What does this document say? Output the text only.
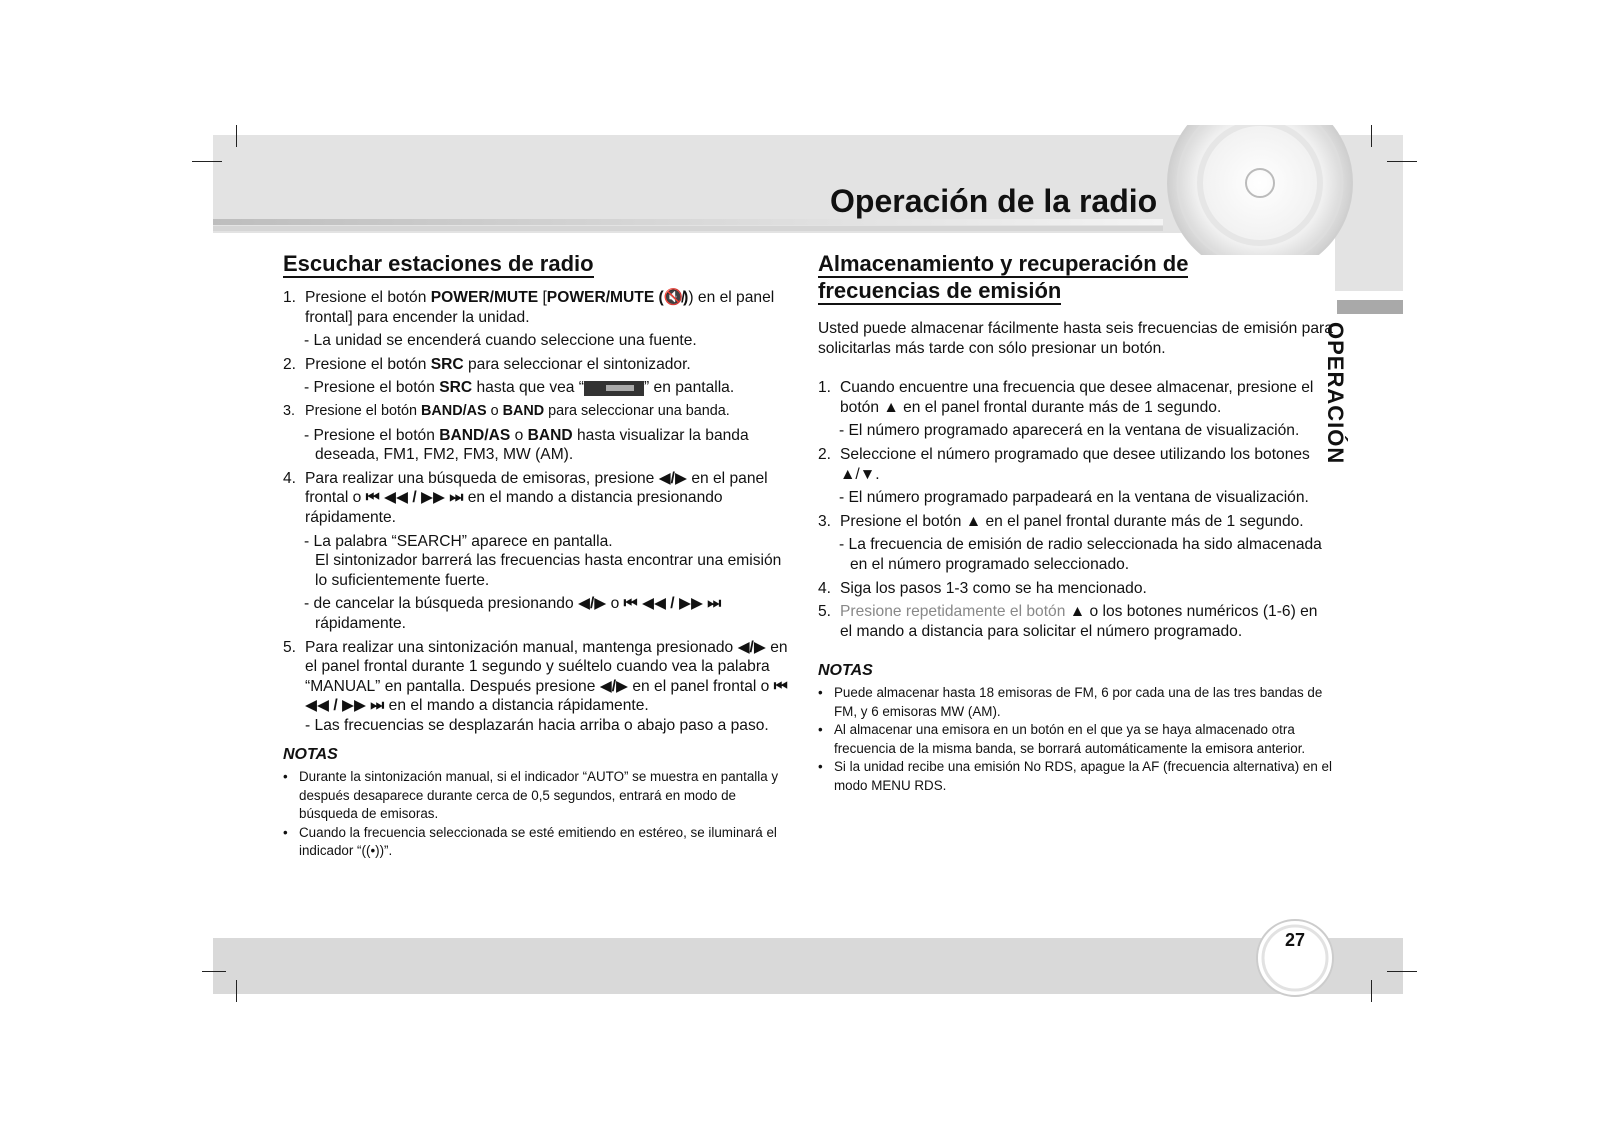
27
Operación de la radio
OPERACIÓN
Escuchar estaciones de radio
1. Presione el botón POWER/MUTE [POWER/MUTE (🔇̸)) en el panel frontal] para encender la unidad.
- La unidad se encenderá cuando seleccione una fuente.
2. Presione el botón SRC para seleccionar el sintonizador.
- Presione el botón SRC hasta que vea “	” en pantalla.
3. Presione el botón BAND/AS o BAND para seleccionar una banda.
- Presione el botón BAND/AS o BAND hasta visualizar la banda deseada, FM1, FM2, FM3, MW (AM).
4. Para realizar una búsqueda de emisoras, presione ◀/▶ en el panel frontal o ⏮ ◀◀ / ▶▶ ⏭ en el mando a distancia presionando rápidamente.
- La palabra “SEARCH” aparece en pantalla.
El sintonizador barrerá las frecuencias hasta encontrar una emisión lo suficientemente fuerte.
- de cancelar la búsqueda presionando ◀/▶ o ⏮ ◀◀ / ▶▶ ⏭ rápidamente.
5. Para realizar una sintonización manual, mantenga presionado ◀/▶ en el panel frontal durante 1 segundo y suéltelo cuando vea la palabra “MANUAL” en pantalla. Después presione ◀/▶ en el panel frontal o ⏮ ◀◀ / ▶▶ ⏭ en el mando a distancia rápidamente.
- Las frecuencias se desplazarán hacia arriba o abajo paso a paso.
NOTAS
• Durante la sintonización manual, si el indicador “AUTO” se muestra en pantalla y después desaparece durante cerca de 0,5 segundos, entrará en modo de búsqueda de emisoras.
• Cuando la frecuencia seleccionada se esté emitiendo en estéreo, se iluminará el indicador “((•))”.
Almacenamiento y recuperación de
frecuencias de emisión
Usted puede almacenar fácilmente hasta seis frecuencias de emisión para solicitarlas más tarde con sólo presionar un botón.
1. Cuando encuentre una frecuencia que desee almacenar, presione el botón ▲ en el panel frontal durante más de 1 segundo.
- El número programado aparecerá en la ventana de visualización.
2. Seleccione el número programado que desee utilizando los botones ▲/▼.
- El número programado parpadeará en la ventana de visualización.
3. Presione el botón ▲ en el panel frontal durante más de 1 segundo.
- La frecuencia de emisión de radio seleccionada ha sido almacenada en el número programado seleccionado.
4. Siga los pasos 1-3 como se ha mencionado.
5. Presione repetidamente el botón ▲ o los botones numéricos (1-6) en el mando a distancia para solicitar el número programado.
NOTAS
• Puede almacenar hasta 18 emisoras de FM, 6 por cada una de las tres bandas de FM, y 6 emisoras MW (AM).
• Al almacenar una emisora en un botón en el que ya se haya almacenado otra frecuencia de la misma banda, se borrará automáticamente la emisora anterior.
• Si la unidad recibe una emisión No RDS, apague la AF (frecuencia alternativa) en el modo MENU RDS.
